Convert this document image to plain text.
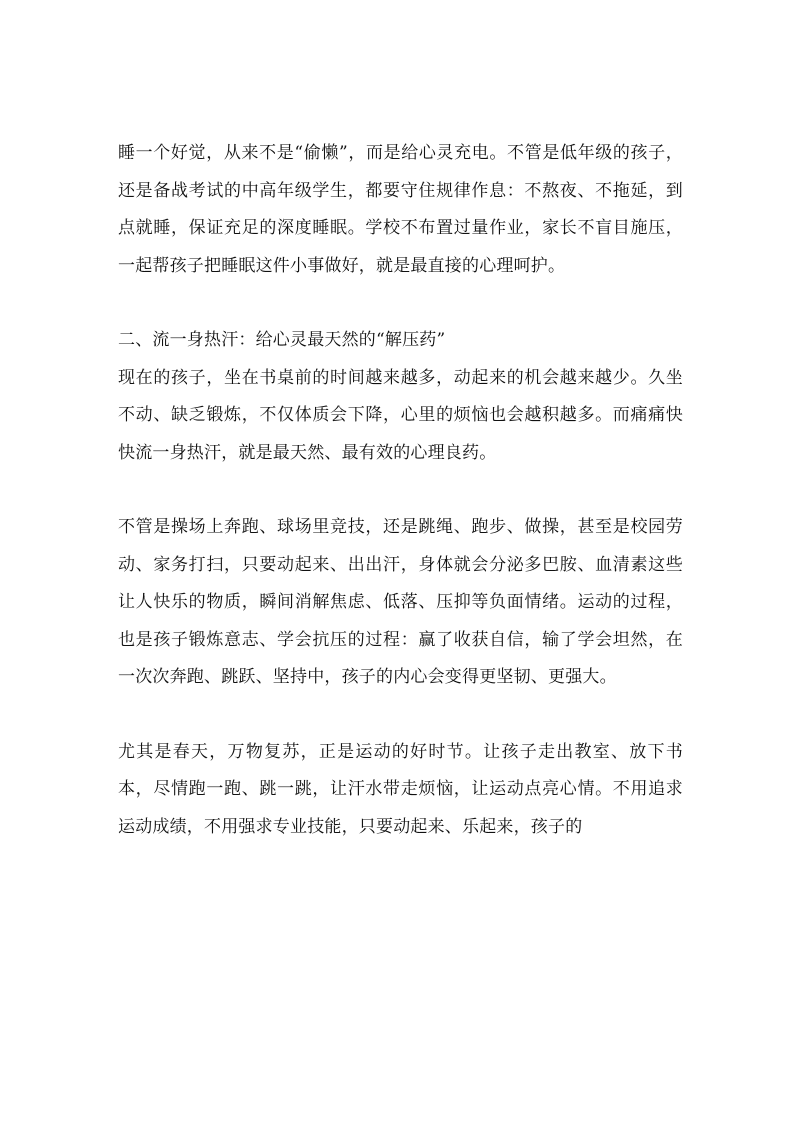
睡一个好觉，从来不是“偷懒”，而是给心灵充电。不管是低年级的孩子，还是备战考试的中高年级学生，都要守住规律作息：不熬夜、不拖延，到点就睡，保证充足的深度睡眠。学校不布置过量作业，家长不盲目施压，一起帮孩子把睡眠这件小事做好，就是最直接的心理呵护。

二、流一身热汗：给心灵最天然的“解压药”

现在的孩子，坐在书桌前的时间越来越多，动起来的机会越来越少。久坐不动、缺乏锻炼，不仅体质会下降，心里的烦恼也会越积越多。而痛痛快快流一身热汗，就是最天然、最有效的心理良药。

不管是操场上奔跑、球场里竞技，还是跳绳、跑步、做操，甚至是校园劳动、家务打扫，只要动起来、出出汗，身体就会分泌多巴胺、血清素这些让人快乐的物质，瞬间消解焦虑、低落、压抑等负面情绪。运动的过程，也是孩子锻炼意志、学会抗压的过程：赢了收获自信，输了学会坦然，在一次次奔跑、跳跃、坚持中，孩子的内心会变得更坚韧、更强大。

尤其是春天，万物复苏，正是运动的好时节。让孩子走出教室、放下书本，尽情跑一跑、跳一跳，让汗水带走烦恼，让运动点亮心情。不用追求运动成绩，不用强求专业技能，只要动起来、乐起来，孩子的
